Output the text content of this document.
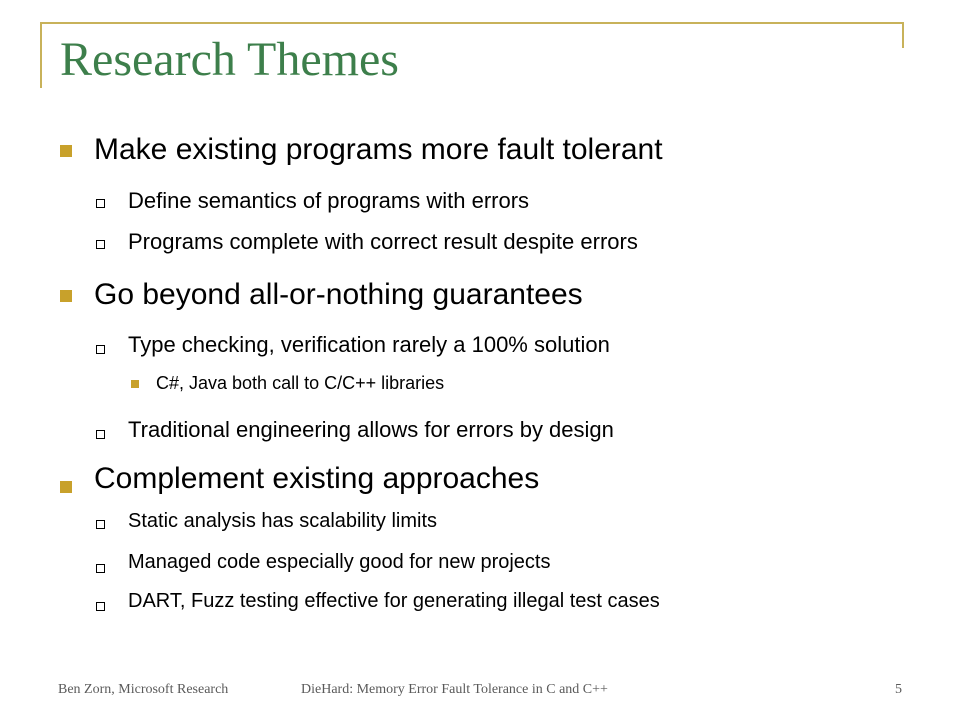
Research Themes
Make existing programs more fault tolerant
Define semantics of programs with errors
Programs complete with correct result despite errors
Go beyond all-or-nothing guarantees
Type checking, verification rarely a 100% solution
C#, Java both call to C/C++ libraries
Traditional engineering allows for errors by design
Complement existing approaches
Static analysis has scalability limits
Managed code especially good for new projects
DART, Fuzz testing effective for generating illegal test cases
Ben Zorn, Microsoft Research	DieHard: Memory Error Fault Tolerance in C and C++	5
